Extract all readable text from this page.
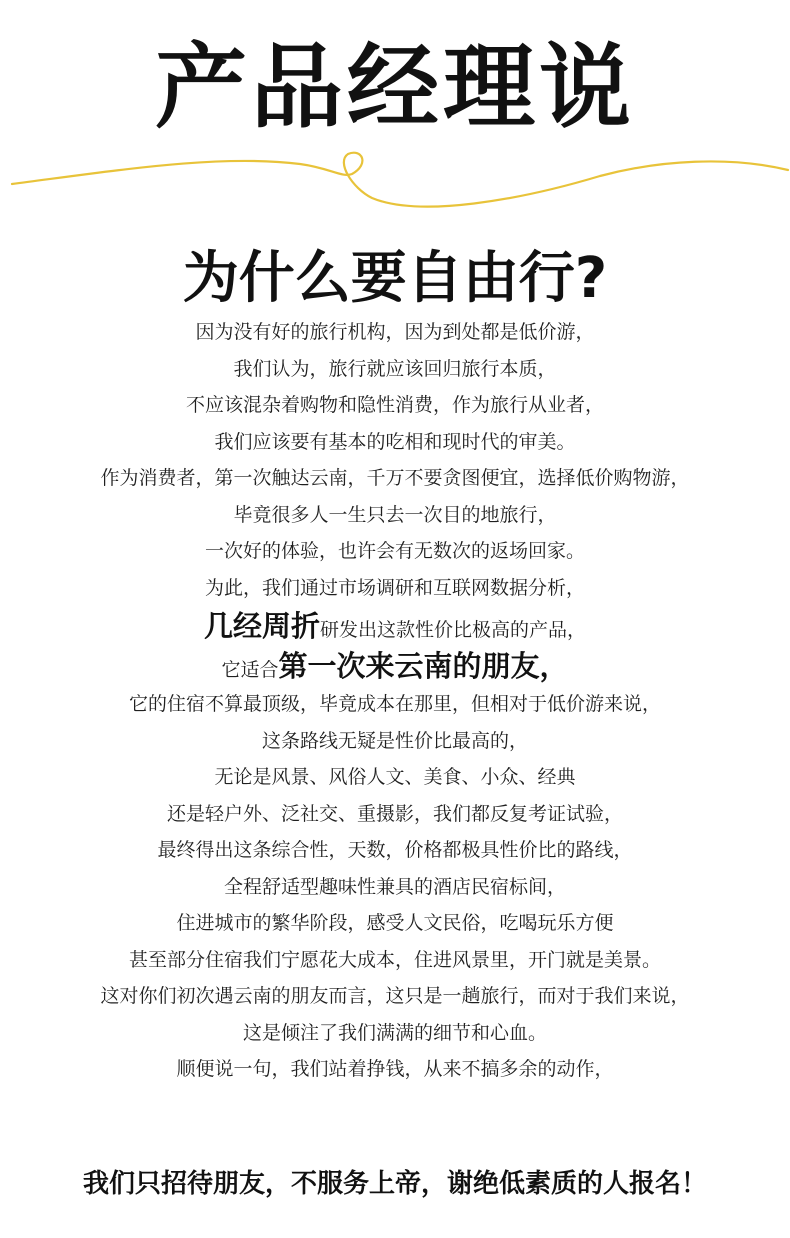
产品经理说
为什么要自由行?
因为没有好的旅行机构，因为到处都是低价游，
我们认为，旅行就应该回归旅行本质，
不应该混杂着购物和隐性消费，作为旅行从业者，
我们应该要有基本的吃相和现时代的审美。
作为消费者，第一次触达云南，千万不要贪图便宜，选择低价购物游，
毕竟很多人一生只去一次目的地旅行，
一次好的体验，也许会有无数次的返场回家。
为此，我们通过市场调研和互联网数据分析，
几经周折研发出这款性价比极高的产品，
它适合第一次来云南的朋友，
它的住宿不算最顶级，毕竟成本在那里，但相对于低价游来说，
这条路线无疑是性价比最高的，
无论是风景、风俗人文、美食、小众、经典
还是轻户外、泛社交、重摄影，我们都反复考证试验，
最终得出这条综合性，天数，价格都极具性价比的路线，
全程舒适型趣味性兼具的酒店民宿标间，
住进城市的繁华阶段，感受人文民俗，吃喝玩乐方便
甚至部分住宿我们宁愿花大成本，住进风景里，开门就是美景。
这对你们初次遇云南的朋友而言，这只是一趟旅行，而对于我们来说，
这是倾注了我们满满的细节和心血。
顺便说一句，我们站着挣钱，从来不搞多余的动作，
我们只招待朋友，不服务上帝，谢绝低素质的人报名！
